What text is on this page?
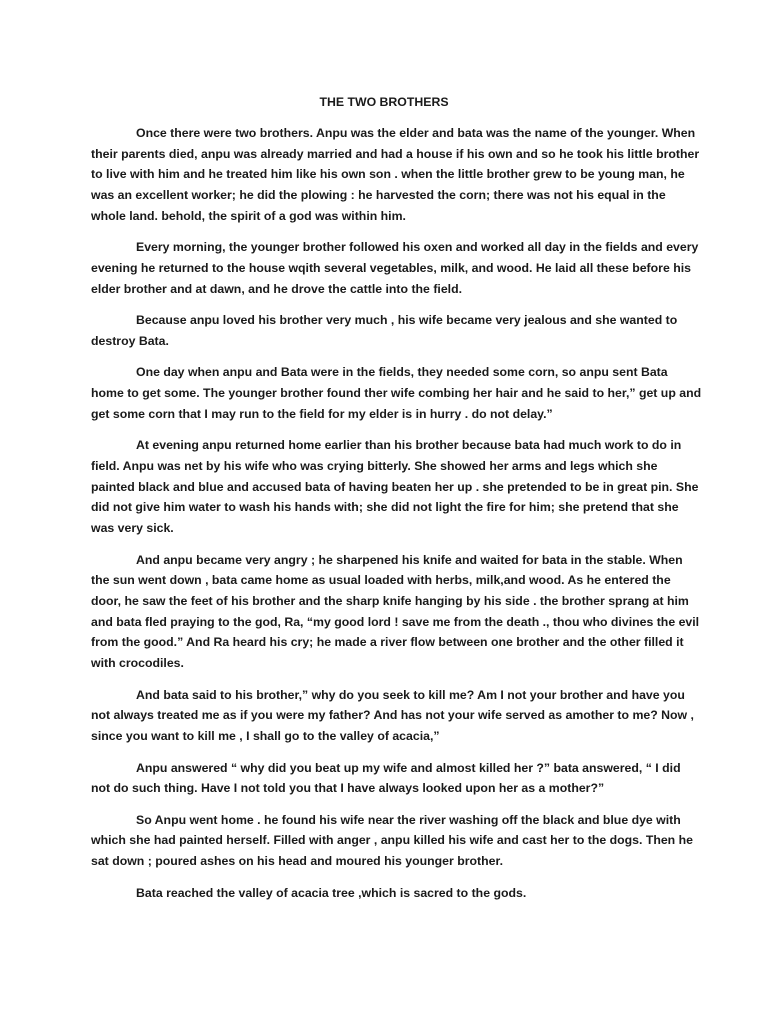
THE TWO BROTHERS

Once there were two brothers. Anpu was the elder and bata was the name of the younger. When their parents died, anpu was already married and had a house if his own and so he took his little brother to live with him and he treated him like his own son . when the little brother grew to be young man, he was an excellent worker; he did the plowing : he harvested the corn; there was not his equal in the whole land. behold, the spirit of a god was within him.

Every morning, the younger brother followed his oxen and worked all day in the fields and every evening he returned to the house wqith several vegetables, milk, and wood. He laid all these before his elder brother and at dawn, and he drove the cattle into the field.

Because anpu loved his brother very much , his wife became very jealous and she wanted to destroy Bata.

One day when anpu and Bata were in the fields, they needed some corn, so anpu sent Bata home to get some. The younger brother found ther wife combing her hair and he said to her,” get up and get some corn that I may run to the field for my elder is in hurry . do not delay.”

At evening anpu returned home earlier than his brother because bata had much work to do in field. Anpu was net by his wife who was crying bitterly. She showed her arms and legs which she painted black and blue and accused bata of having beaten her up . she pretended to be in great pin. She did not give him water to wash his hands with; she did not light the fire for him; she pretend that she was very sick.

And anpu became very angry ; he sharpened his knife and waited for bata in the stable. When the sun went down , bata came home as usual loaded with herbs, milk,and wood. As he entered the door, he saw the feet of his brother and the sharp knife hanging by his side . the brother sprang at him and bata fled praying to the god, Ra, “my good lord ! save me from the death ., thou who divines the evil from the good.” And Ra heard his cry; he made a river flow between one brother and the other filled it with crocodiles.

And bata said to his brother,” why do you seek to kill me? Am I not your brother and have you not always treated me as if you were my father? And has not your wife served as amother to me? Now , since you want to kill me , I shall go to the valley of acacia,”

Anpu answered “ why did you beat up my wife and almost killed her ?” bata answered, “ I did not do such thing. Have I not told you that I have always looked upon her as a mother?”

So Anpu went home . he found his wife near the river washing off the black and blue dye with which she had painted herself. Filled with anger , anpu killed his wife and cast her to the dogs. Then he sat down ; poured ashes on his head and moured his younger brother.

Bata reached the valley of acacia tree ,which is sacred to the gods.
